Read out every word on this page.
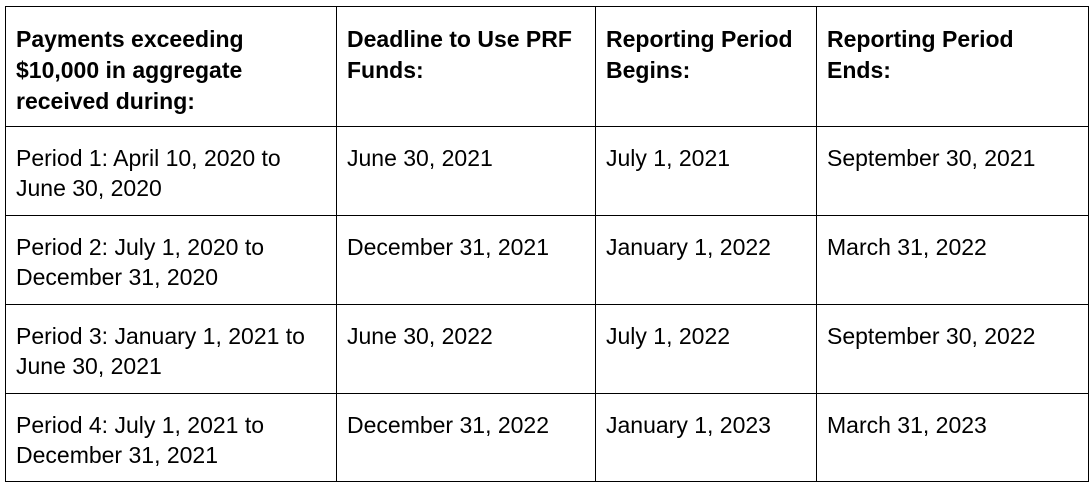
Payments exceeding $10,000 in aggregate received during:	Deadline to Use PRF Funds:	Reporting Period Begins:	Reporting Period Ends:
Period 1: April 10, 2020 to June 30, 2020	June 30, 2021	July 1, 2021	September 30, 2021
Period 2: July 1, 2020 to December 31, 2020	December 31, 2021	January 1, 2022	March 31, 2022
Period 3: January 1, 2021 to June 30, 2021	June 30, 2022	July 1, 2022	September 30, 2022
Period 4: July 1, 2021 to December 31, 2021	December 31, 2022	January 1, 2023	March 31, 2023
